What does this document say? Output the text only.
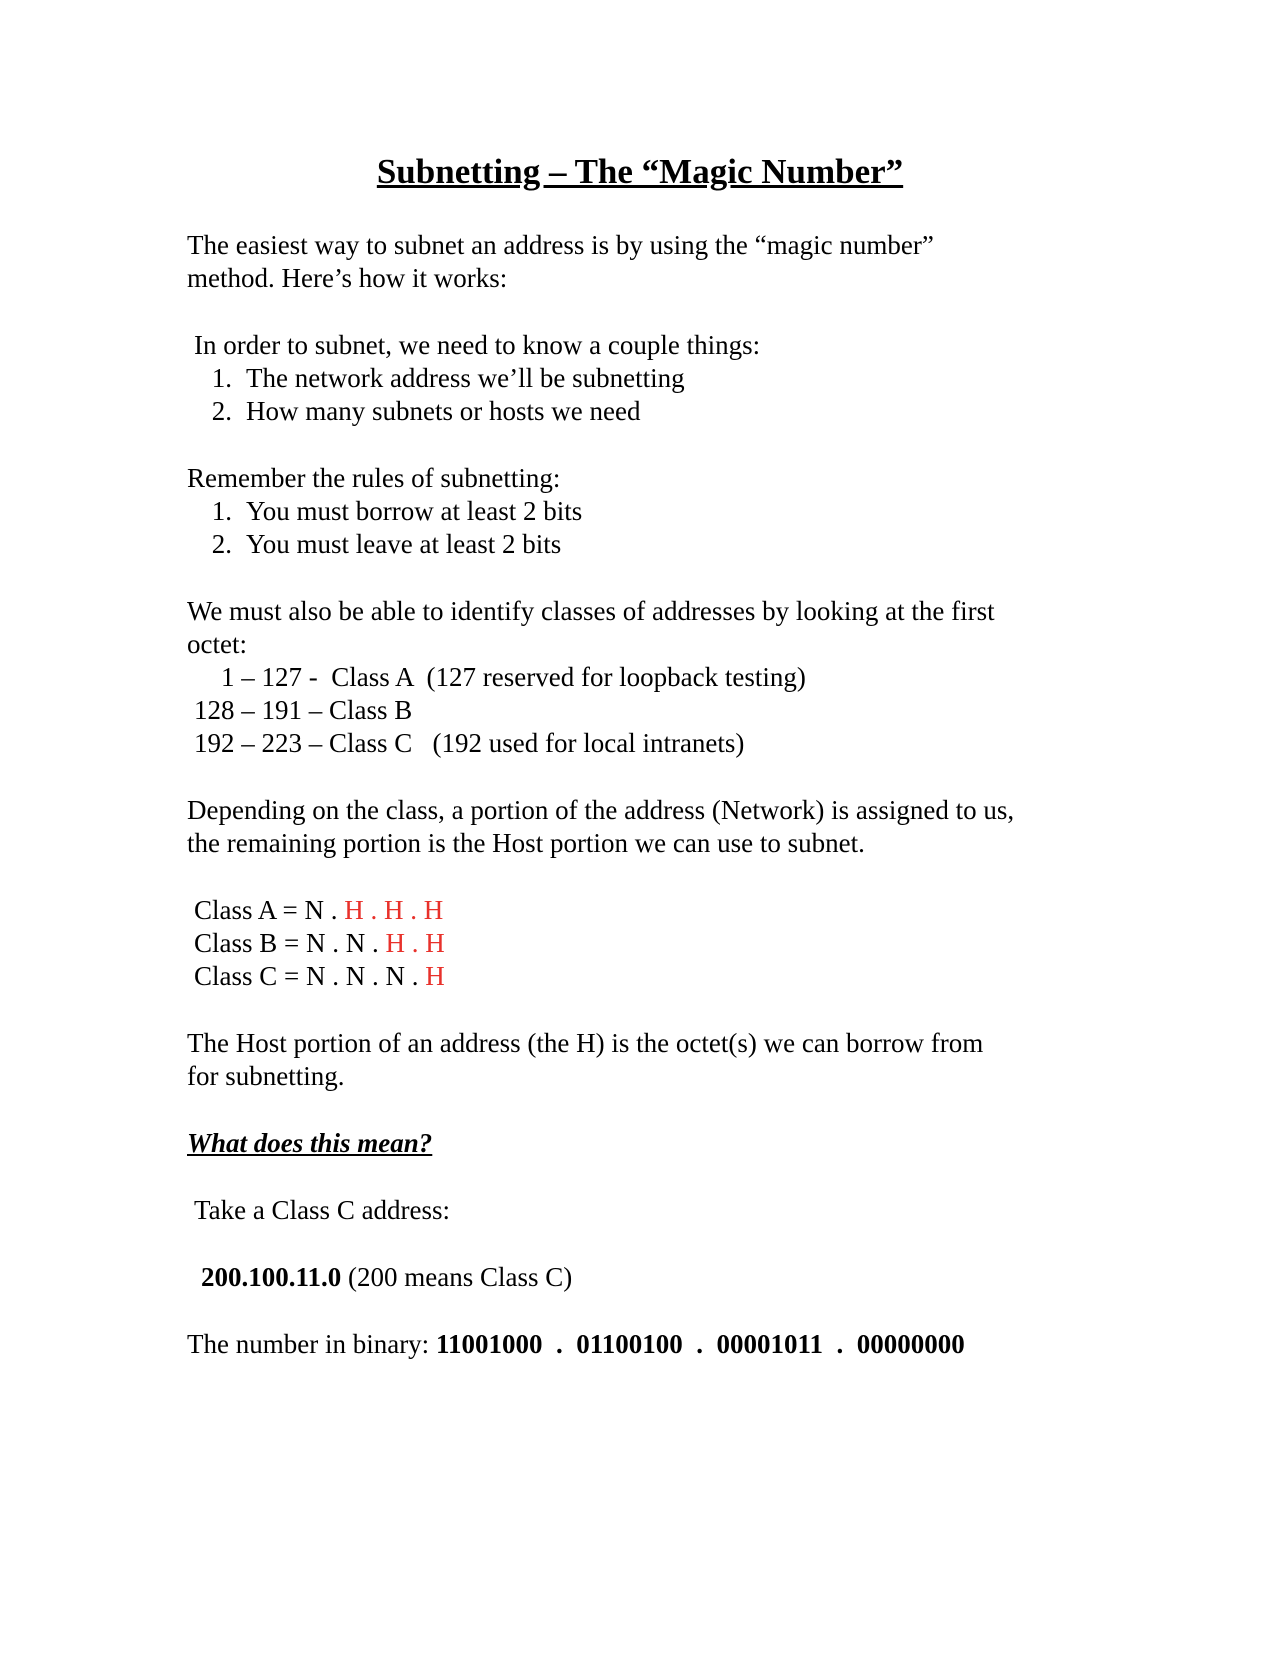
Subnetting – The “Magic Number”

The easiest way to subnet an address is by using the “magic number”

method. Here’s how it works:

In order to subnet, we need to know a couple things:

1. The network address we’ll be subnetting

2. How many subnets or hosts we need

Remember the rules of subnetting:

1. You must borrow at least 2 bits

2. You must leave at least 2 bits

We must also be able to identify classes of addresses by looking at the first

octet:

1 – 127 -  Class A  (127 reserved for loopback testing)

128 – 191 – Class B

192 – 223 – Class C   (192 used for local intranets)

Depending on the class, a portion of the address (Network) is assigned to us,

the remaining portion is the Host portion we can use to subnet.

Class A = N . H . H . H

Class B = N . N . H . H

Class C = N . N . N . H

The Host portion of an address (the H) is the octet(s) we can borrow from

for subnetting.

What does this mean?

Take a Class C address:

200.100.11.0 (200 means Class C)

The number in binary: 11001000  .  01100100  .  00001011  .  00000000
